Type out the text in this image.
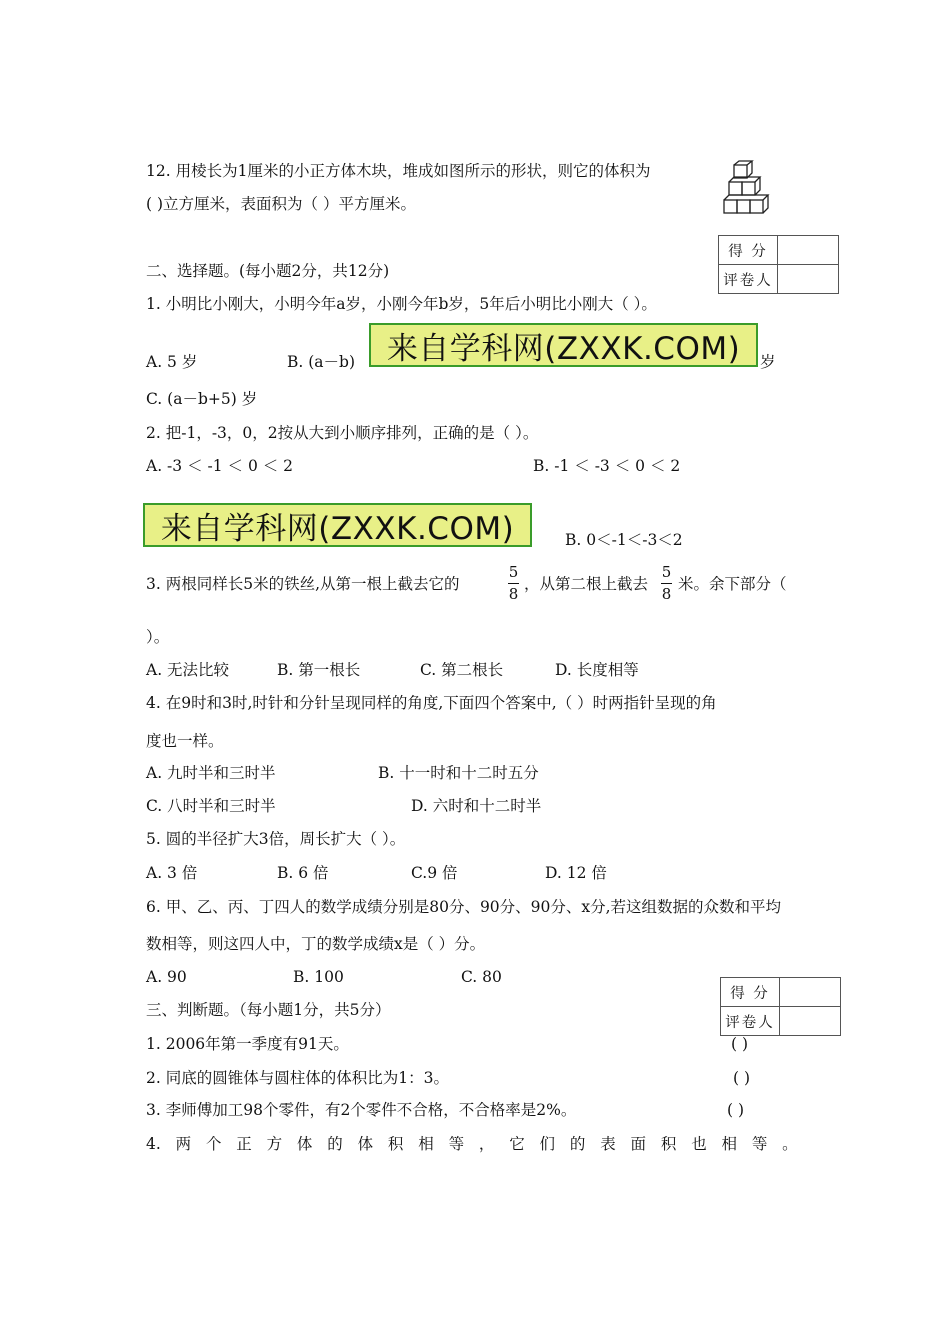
12. 用棱长为1厘米的小正方体木块，堆成如图所示的形状，则它的体积为
( )立方厘米，表面积为（ ）平方厘米。
得 分	
评卷人	
二、选择题。(每小题2分，共12分)
1. 小明比小刚大，小明今年a岁，小刚今年b岁，5年后小明比小刚大（ ）。
A. 5 岁	B. (a－b)	来自学科网(ZXXK.COM)	岁
C. (a－b+5) 岁
2. 把-1，-3，0，2按从大到小顺序排列，正确的是（ ）。
A. -3 ＜ -1 ＜ 0 ＜ 2	B. -1 ＜ -3 ＜ 0 ＜ 2
来自学科网(ZXXK.COM)	B. 0＜-1＜-3＜2
3. 两根同样长5米的铁丝,从第一根上截去它的
5
8
，从第二根上截去
5
8
米。余下部分（
）。
A. 无法比较	B. 第一根长	C. 第二根长	D. 长度相等
4. 在9时和3时,时针和分针呈现同样的角度,下面四个答案中,（ ）时两指针呈现的角
度也一样。
A. 九时半和三时半	B. 十一时和十二时五分
C. 八时半和三时半	D. 六时和十二时半
5. 圆的半径扩大3倍，周长扩大（ ）。
A. 3 倍	B. 6 倍	C.9 倍	D. 12 倍
6. 甲、乙、丙、丁四人的数学成绩分别是80分、90分、90分、x分,若这组数据的众数和平均
数相等，则这四人中，丁的数学成绩x是（ ）分。
A. 90	B. 100	C. 80
得 分	
评卷人	
三、判断题。（每小题1分，共5分）
1. 2006年第一季度有91天。	( )
2. 同底的圆锥体与圆柱体的体积比为1：3。	( )
3. 李师傅加工98个零件，有2个零件不合格，不合格率是2%。	( )
4. 两 个 正 方 体 的 体 积 相 等 ， 它 们 的 表 面 积 也 相 等 。
